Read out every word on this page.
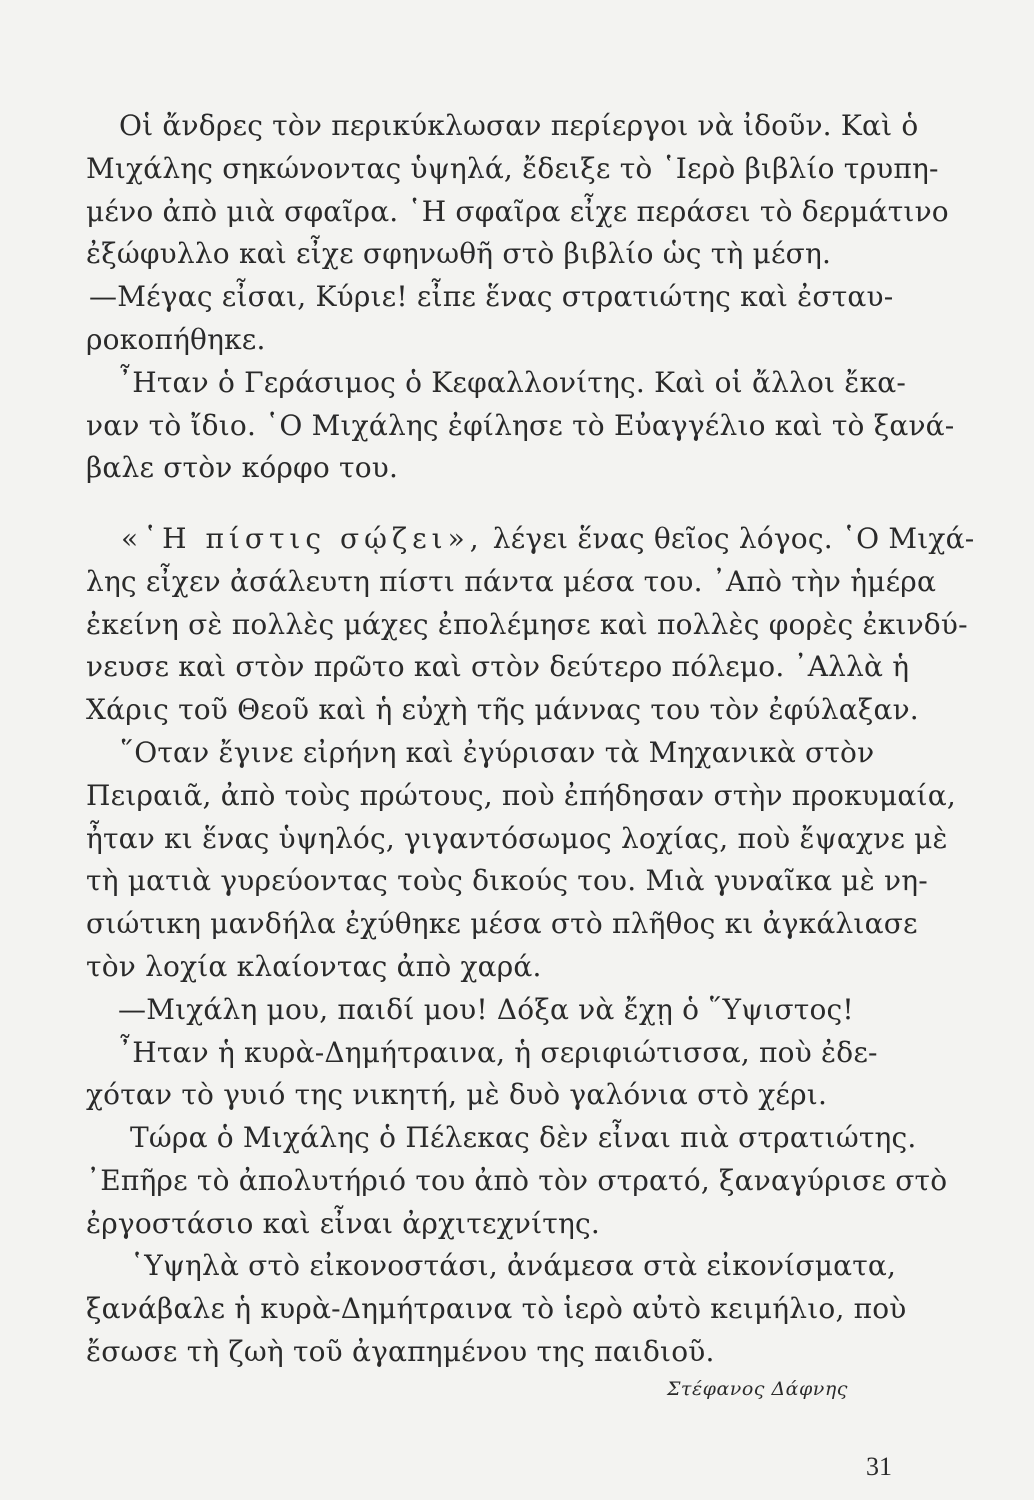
Οἱ ἄνδρες τὸν περικύκλωσαν περίεργοι νὰ ἰδοῦν. Καὶ ὁ
Μιχάλης σηκώνοντας ὑψηλά, ἔδειξε τὸ ῾Ιερὸ βιβλίο τρυπη-
μένο ἀπὸ μιὰ σφαῖρα. ῾Η σφαῖρα εἶχε περάσει τὸ δερμάτινο
ἐξώφυλλο καὶ εἶχε σφηνωθῆ στὸ βιβλίο ὡς τὴ μέση.
—Μέγας εἶσαι, Κύριε! εἶπε ἕνας στρατιώτης καὶ ἐσταυ-
ροκοπήθηκε.
῏Ηταν ὁ Γεράσιμος ὁ Κεφαλλονίτης. Καὶ οἱ ἄλλοι ἔκα-
ναν τὸ ἴδιο. ῾Ο Μιχάλης ἐφίλησε τὸ Εὐαγγέλιο καὶ τὸ ξανά-
βαλε στὸν κόρφο του.
«῾Η πίστις σῴζει», λέγει ἕνας θεῖος λόγος. ῾Ο Μιχά-
λης εἶχεν ἀσάλευτη πίστι πάντα μέσα του. ᾿Απὸ τὴν ἡμέρα
ἐκείνη σὲ πολλὲς μάχες ἐπολέμησε καὶ πολλὲς φορὲς ἐκινδύ-
νευσε καὶ στὸν πρῶτο καὶ στὸν δεύτερο πόλεμο. ᾿Αλλὰ ἡ
Χάρις τοῦ Θεοῦ καὶ ἡ εὐχὴ τῆς μάννας του τὸν ἐφύλαξαν.
῞Οταν ἔγινε εἰρήνη καὶ ἐγύρισαν τὰ Μηχανικὰ στὸν
Πειραιᾶ, ἀπὸ τοὺς πρώτους, ποὺ ἐπήδησαν στὴν προκυμαία,
ἦταν κι ἕνας ὑψηλός, γιγαντόσωμος λοχίας, ποὺ ἔψαχνε μὲ
τὴ ματιὰ γυρεύοντας τοὺς δικούς του. Μιὰ γυναῖκα μὲ νη-
σιώτικη μανδήλα ἐχύθηκε μέσα στὸ πλῆθος κι ἀγκάλιασε
τὸν λοχία κλαίοντας ἀπὸ χαρά.
—Μιχάλη μου, παιδί μου! Δόξα νὰ ἔχῃ ὁ ῞Υψιστος!
῏Ηταν ἡ κυρὰ-Δημήτραινα, ἡ σεριφιώτισσα, ποὺ ἐδε-
χόταν τὸ γυιό της νικητή, μὲ δυὸ γαλόνια στὸ χέρι.
Τώρα ὁ Μιχάλης ὁ Πέλεκας δὲν εἶναι πιὰ στρατιώτης.
᾿Επῆρε τὸ ἀπολυτήριό του ἀπὸ τὸν στρατό, ξαναγύρισε στὸ
ἐργοστάσιο καὶ εἶναι ἀρχιτεχνίτης.
῾Υψηλὰ στὸ εἰκονοστάσι, ἀνάμεσα στὰ εἰκονίσματα,
ξανάβαλε ἡ κυρὰ-Δημήτραινα τὸ ἱερὸ αὐτὸ κειμήλιο, ποὺ
ἔσωσε τὴ ζωὴ τοῦ ἀγαπημένου της παιδιοῦ.
Στέφανος Δάφνης
31
